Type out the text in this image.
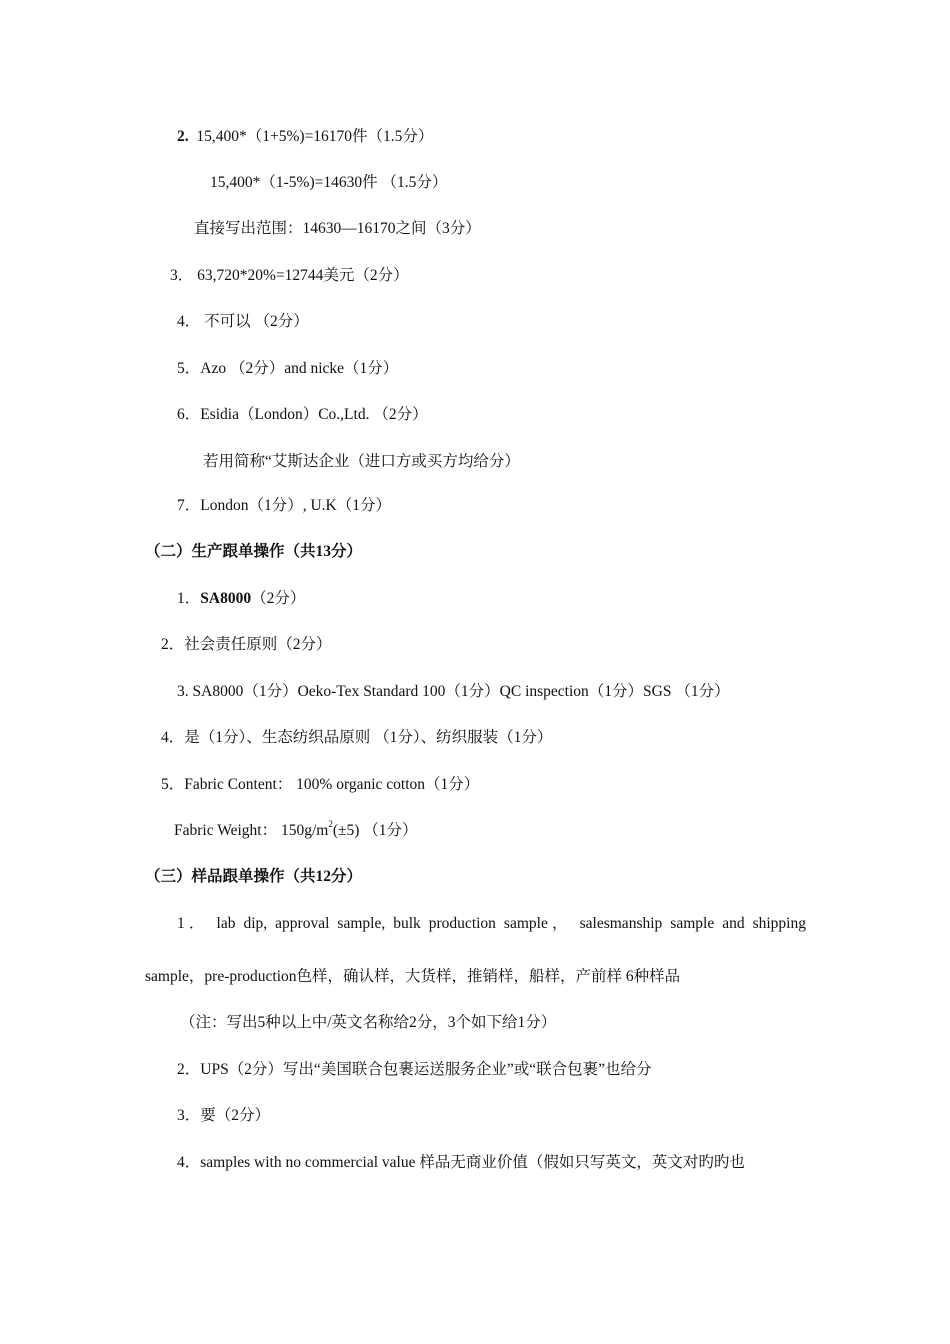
2. 15,400*（1+5%)=16170件（1.5分）
15,400*（1-5%)=14630件 （1.5分）
直接写出范围：14630—16170之间（3分）
3． 63,720*20%=12744美元（2分）
4． 不可以 （2分）
5．Azo （2分）and nicke（1分）
6．Esidia（London）Co.,Ltd. （2分）
若用简称“艾斯达企业（进口方或买方均给分）
7．London（1分）, U.K（1分）
（二）生产跟单操作（共13分）
1．SA8000（2分）
2．社会责任原则（2分）
3. SA8000（1分）Oeko-Tex Standard 100（1分）QC inspection（1分）SGS （1分）
4．是（1分）、生态纺织品原则 （1分）、纺织服装（1分）
5．Fabric Content： 100% organic cotton（1分）
Fabric Weight： $150g/m^2(\pm 5)$ （1分）
（三）样品跟单操作（共12分）
1． lab dip, approval sample, bulk production sample， salesmanship sample and shipping
sample，pre-production色样，确认样，大货样，推销样，船样，产前样 6种样品
（注：写出5种以上中/英文名称给2分，3个如下给1分）
2．UPS（2分）写出“美国联合包裹运送服务企业”或“联合包裹”也给分
3．要（2分）
4．samples with no commercial value 样品无商业价值（假如只写英文，英文对旳旳也
